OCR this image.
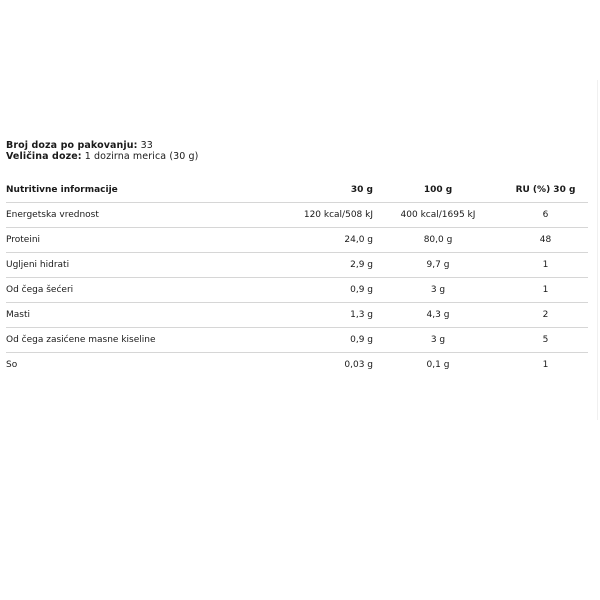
Broj doza po pakovanju: 33
Veličina doze: 1 dozirna merica (30 g)
Nutritivne informacije	30 g	100 g	RU (%) 30 g
Energetska vrednost	120 kcal/508 kJ	400 kcal/1695 kJ	6
Proteini	24,0 g	80,0 g	48
Ugljeni hidrati	2,9 g	9,7 g	1
Od čega šećeri	0,9 g	3 g	1
Masti	1,3 g	4,3 g	2
Od čega zasićene masne kiseline	0,9 g	3 g	5
So	0,03 g	0,1 g	1
